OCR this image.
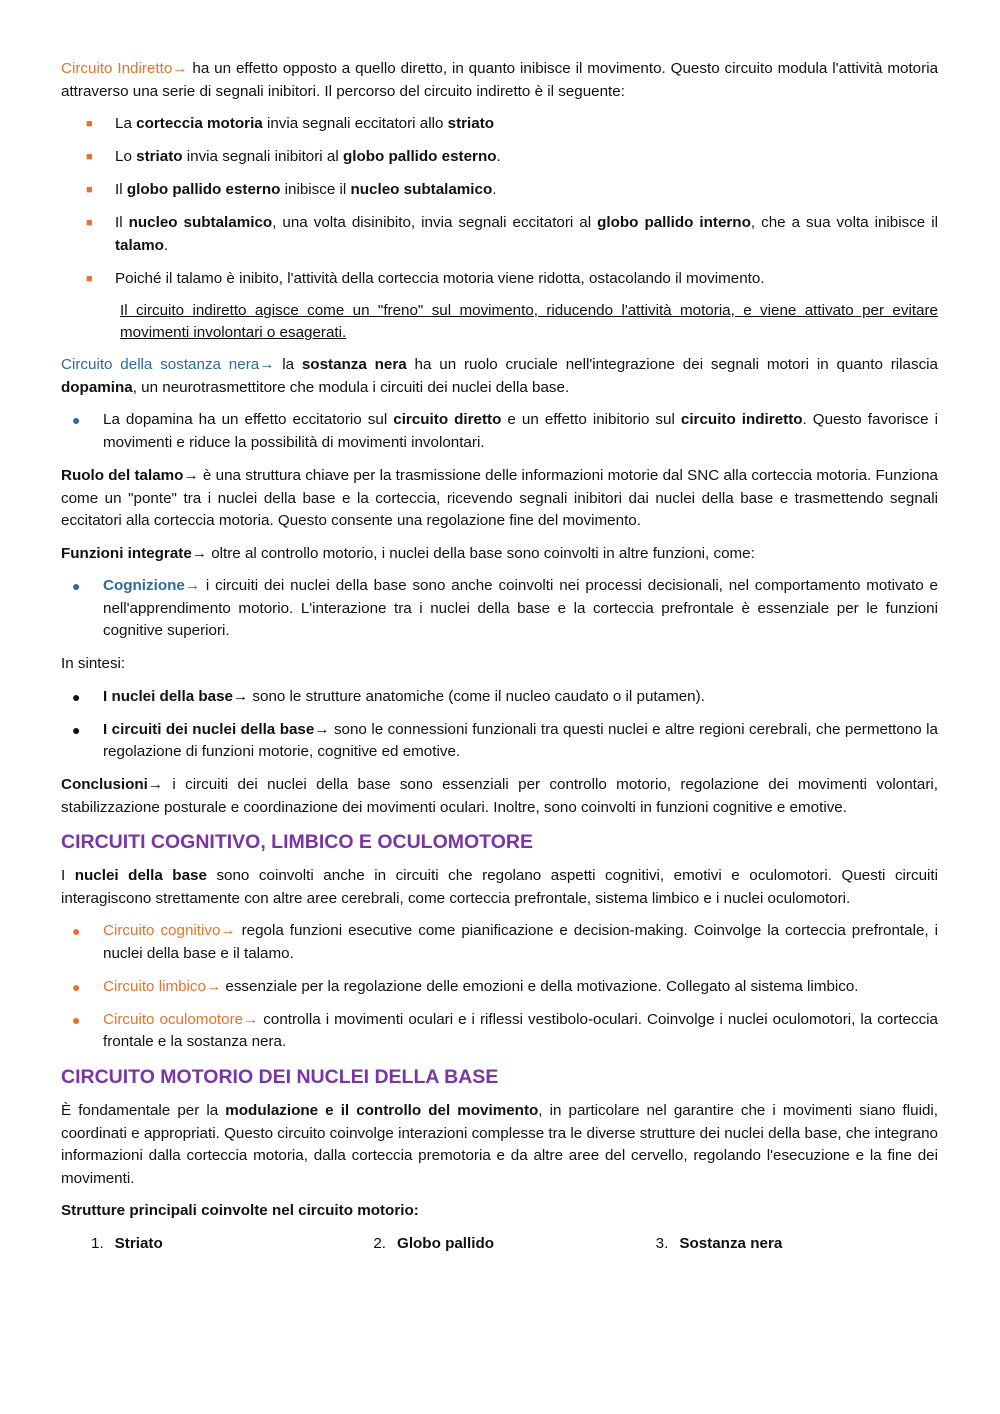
Circuito Indiretto→ ha un effetto opposto a quello diretto, in quanto inibisce il movimento. Questo circuito modula l'attività motoria attraverso una serie di segnali inibitori. Il percorso del circuito indiretto è il seguente:

■ La corteccia motoria invia segnali eccitatori allo striato
■ Lo striato invia segnali inibitori al globo pallido esterno.
■ Il globo pallido esterno inibisce il nucleo subtalamico.
■ Il nucleo subtalamico, una volta disinibito, invia segnali eccitatori al globo pallido interno, che a sua volta inibisce il talamo.
■ Poiché il talamo è inibito, l'attività della corteccia motoria viene ridotta, ostacolando il movimento.

Il circuito indiretto agisce come un "freno" sul movimento, riducendo l'attività motoria, e viene attivato per evitare movimenti involontari o esagerati.

Circuito della sostanza nera→ la sostanza nera ha un ruolo cruciale nell'integrazione dei segnali motori in quanto rilascia dopamina, un neurotrasmettitore che modula i circuiti dei nuclei della base.

● La dopamina ha un effetto eccitatorio sul circuito diretto e un effetto inibitorio sul circuito indiretto. Questo favorisce i movimenti e riduce la possibilità di movimenti involontari.

Ruolo del talamo→ è una struttura chiave per la trasmissione delle informazioni motorie dal SNC alla corteccia motoria. Funziona come un "ponte" tra i nuclei della base e la corteccia, ricevendo segnali inibitori dai nuclei della base e trasmettendo segnali eccitatori alla corteccia motoria. Questo consente una regolazione fine del movimento.

Funzioni integrate→ oltre al controllo motorio, i nuclei della base sono coinvolti in altre funzioni, come:

● Cognizione→ i circuiti dei nuclei della base sono anche coinvolti nei processi decisionali, nel comportamento motivato e nell'apprendimento motorio. L'interazione tra i nuclei della base e la corteccia prefrontale è essenziale per le funzioni cognitive superiori.

In sintesi:

● I nuclei della base→ sono le strutture anatomiche (come il nucleo caudato o il putamen).
● I circuiti dei nuclei della base→ sono le connessioni funzionali tra questi nuclei e altre regioni cerebrali, che permettono la regolazione di funzioni motorie, cognitive ed emotive.

Conclusioni→ i circuiti dei nuclei della base sono essenziali per controllo motorio, regolazione dei movimenti volontari, stabilizzazione posturale e coordinazione dei movimenti oculari. Inoltre, sono coinvolti in funzioni cognitive e emotive.

CIRCUITI COGNITIVO, LIMBICO E OCULOMOTORE

I nuclei della base sono coinvolti anche in circuiti che regolano aspetti cognitivi, emotivi e oculomotori. Questi circuiti interagiscono strettamente con altre aree cerebrali, come corteccia prefrontale, sistema limbico e i nuclei oculomotori.

● Circuito cognitivo→ regola funzioni esecutive come pianificazione e decision-making. Coinvolge la corteccia prefrontale, i nuclei della base e il talamo.
● Circuito limbico→ essenziale per la regolazione delle emozioni e della motivazione. Collegato al sistema limbico.
● Circuito oculomotore→ controlla i movimenti oculari e i riflessi vestibolo-oculari. Coinvolge i nuclei oculomotori, la corteccia frontale e la sostanza nera.
CIRCUITO MOTORIO DEI NUCLEI DELLA BASE

È fondamentale per la modulazione e il controllo del movimento, in particolare nel garantire che i movimenti siano fluidi, coordinati e appropriati. Questo circuito coinvolge interazioni complesse tra le diverse strutture dei nuclei della base, che integrano informazioni dalla corteccia motoria, dalla corteccia premotoria e da altre aree del cervello, regolando l'esecuzione e la fine dei movimenti.

Strutture principali coinvolte nel circuito motorio:

1. Striato	2. Globo pallido	3. Sostanza nera
